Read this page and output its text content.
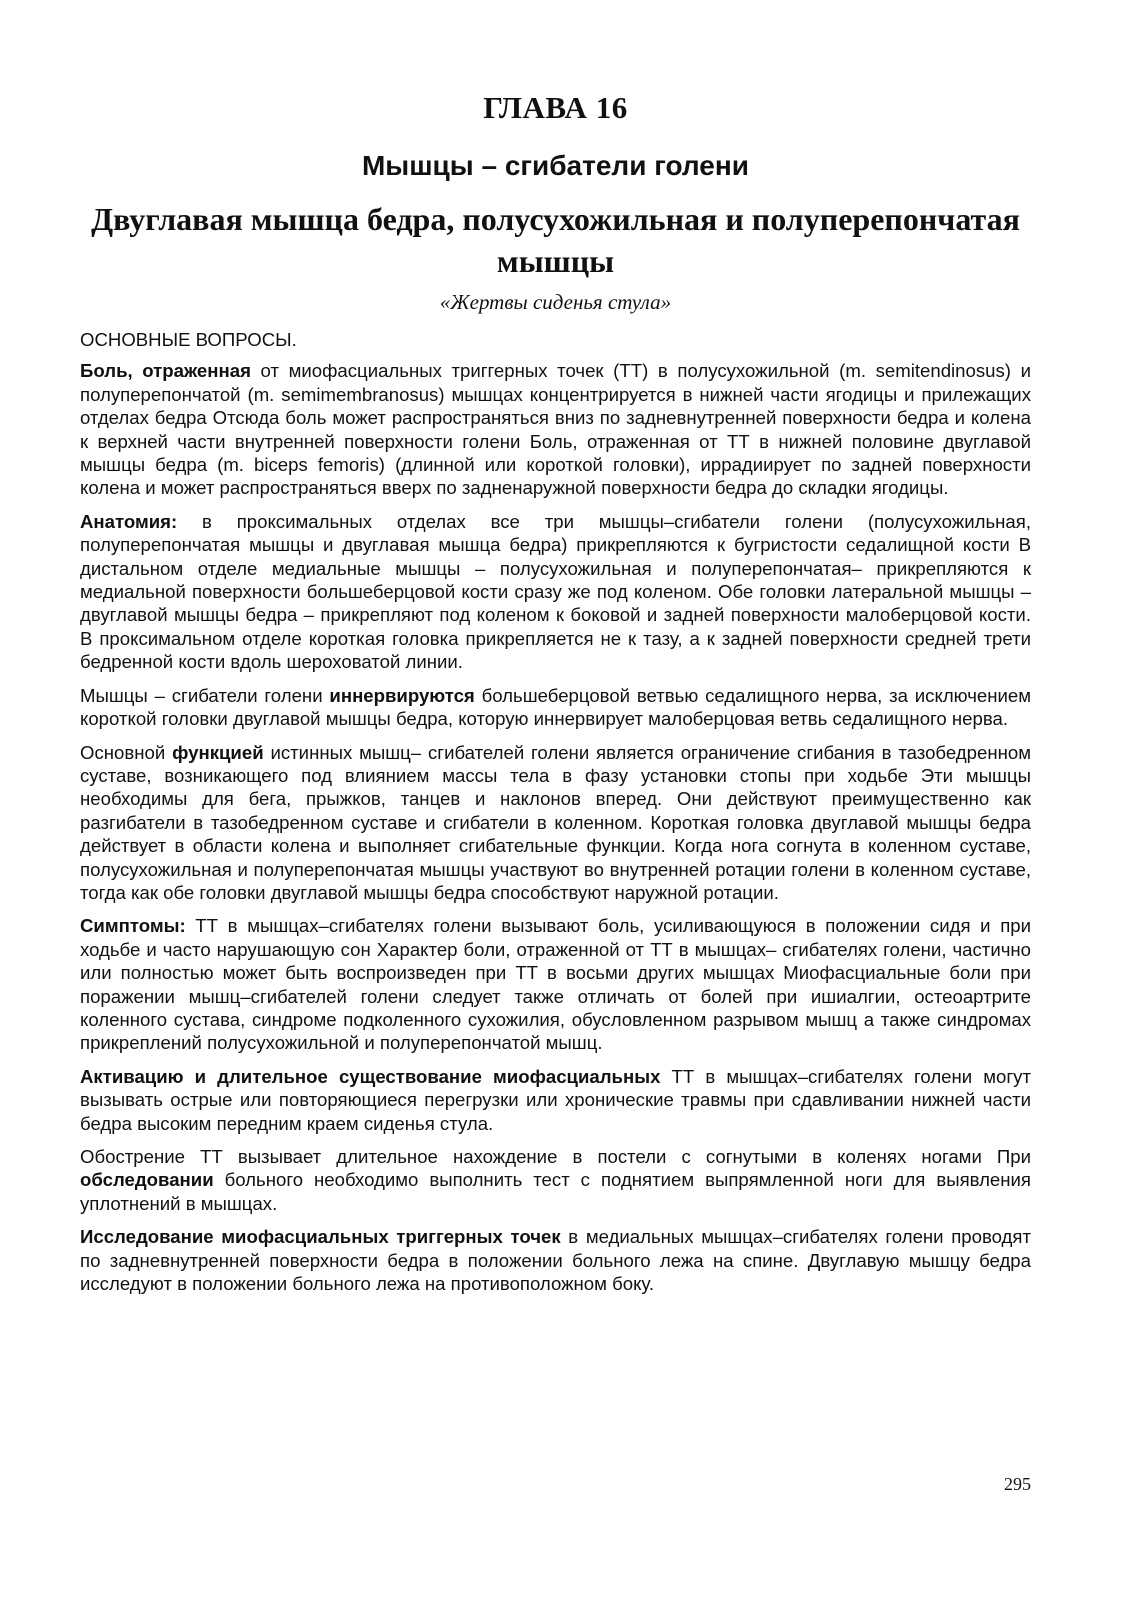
ГЛАВА 16
Мышцы – сгибатели голени
Двуглавая мышца бедра, полусухожильная и полуперепончатая мышцы

«Жертвы сиденья стула»

ОСНОВНЫЕ ВОПРОСЫ.

Боль, отраженная от миофасциальных триггерных точек (ТТ) в полусухожильной (m. semitendinosus) и полуперепончатой (m. semimembranosus) мышцах концентрируется в нижней части ягодицы и прилежащих отделах бедра Отсюда боль может распространяться вниз по задневнутренней поверхности бедра и колена к верхней части внутренней поверхности голени Боль, отраженная от ТТ в нижней половине двуглавой мышцы бедра (m. biceps femoris) (длинной или короткой головки), иррадиирует по задней поверхности колена и может распространяться вверх по задненаружной поверхности бедра до складки ягодицы.

Анатомия: в проксимальных отделах все три мышцы–сгибатели голени (полусухожильная, полуперепончатая мышцы и двуглавая мышца бедра) прикрепляются к бугристости седалищной кости В дистальном отделе медиальные мышцы – полусухожильная и полуперепончатая– прикрепляются к медиальной поверхности большеберцовой кости сразу же под коленом. Обе головки латеральной мышцы – двуглавой мышцы бедра – прикрепляют под коленом к боковой и задней поверхности малоберцовой кости. В проксимальном отделе короткая головка прикрепляется не к тазу, а к задней поверхности средней трети бедренной кости вдоль шероховатой линии.

Мышцы – сгибатели голени иннервируются большеберцовой ветвью седалищного нерва, за исключением короткой головки двуглавой мышцы бедра, которую иннервирует малоберцовая ветвь седалищного нерва.

Основной функцией истинных мышц– сгибателей голени является ограничение сгибания в тазобедренном суставе, возникающего под влиянием массы тела в фазу установки стопы при ходьбе Эти мышцы необходимы для бега, прыжков, танцев и наклонов вперед. Они действуют преимущественно как разгибатели в тазобедренном суставе и сгибатели в коленном. Короткая головка двуглавой мышцы бедра действует в области колена и выполняет сгибательные функции. Когда нога согнута в коленном суставе, полусухожильная и полуперепончатая мышцы участвуют во внутренней ротации голени в коленном суставе, тогда как обе головки двуглавой мышцы бедра способствуют наружной ротации.

Симптомы: ТТ в мышцах–сгибателях голени вызывают боль, усиливающуюся в положении сидя и при ходьбе и часто нарушающую сон Характер боли, отраженной от ТТ в мышцах– сгибателях голени, частично или полностью может быть воспроизведен при ТТ в восьми других мышцах Миофасциальные боли при поражении мышц–сгибателей голени следует также отличать от болей при ишиалгии, остеоартрите коленного сустава, синдроме подколенного сухожилия, обусловленном разрывом мышц а также синдромах прикреплений полусухожильной и полуперепончатой мышц.

Активацию и длительное существование миофасциальных ТТ в мышцах–сгибателях голени могут вызывать острые или повторяющиеся перегрузки или хронические травмы при сдавливании нижней части бедра высоким передним краем сиденья стула.

Обострение ТТ вызывает длительное нахождение в постели с согнутыми в коленях ногами При обследовании больного необходимо выполнить тест с поднятием выпрямленной ноги для выявления уплотнений в мышцах.

Исследование миофасциальных триггерных точек в медиальных мышцах–сгибателях голени проводят по задневнутренней поверхности бедра в положении больного лежа на спине. Двуглавую мышцу бедра исследуют в положении больного лежа на противоположном боку.

295
